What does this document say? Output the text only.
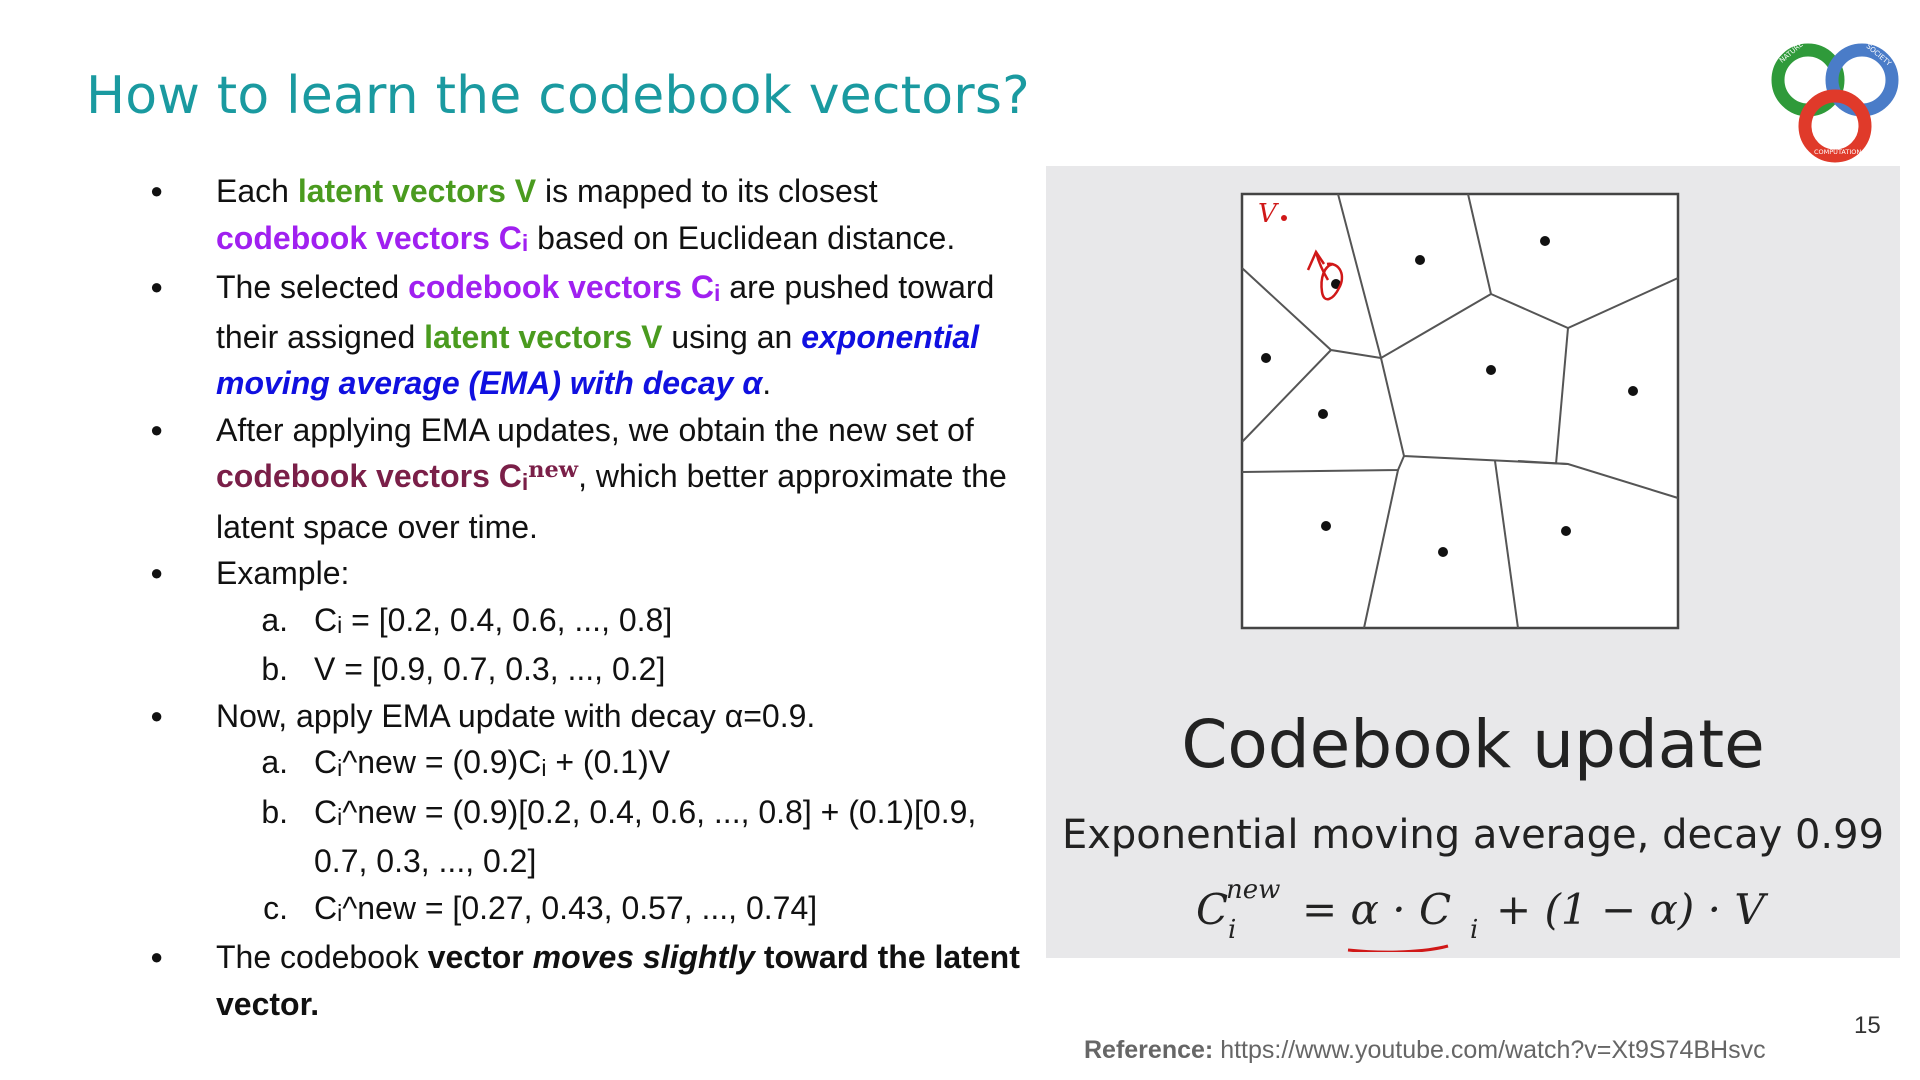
How to learn the codebook vectors?
NATURE	SOCIETY
COMPUTATION
● Each latent vectors V is mapped to its closest codebook vectors Ci based on Euclidean distance.
● The selected codebook vectors Ci are pushed toward their assigned latent vectors V using an exponential moving average (EMA) with decay α.
● After applying EMA updates, we obtain the new set of codebook vectors $Ci^{new}$, which better approximate the latent space over time.
● Example:
a. Ci = [0.2, 0.4, 0.6, ..., 0.8]
b. V = [0.9, 0.7, 0.3, ..., 0.2]
● Now, apply EMA update with decay α=0.9.
a. Ci^new = (0.9)Ci + (0.1)V
b. Ci^new = (0.9)[0.2, 0.4, 0.6, ..., 0.8] + (0.1)[0.9, 0.7, 0.3, ..., 0.2]
c. Ci^new = [0.27, 0.43, 0.57, ..., 0.74]
● The codebook vector moves slightly toward the latent vector.
V
Codebook update
Exponential moving average, decay 0.99
C
new
i = α · C i + (1 − α) · V
15
Reference: https://www.youtube.com/watch?v=Xt9S74BHsvc
